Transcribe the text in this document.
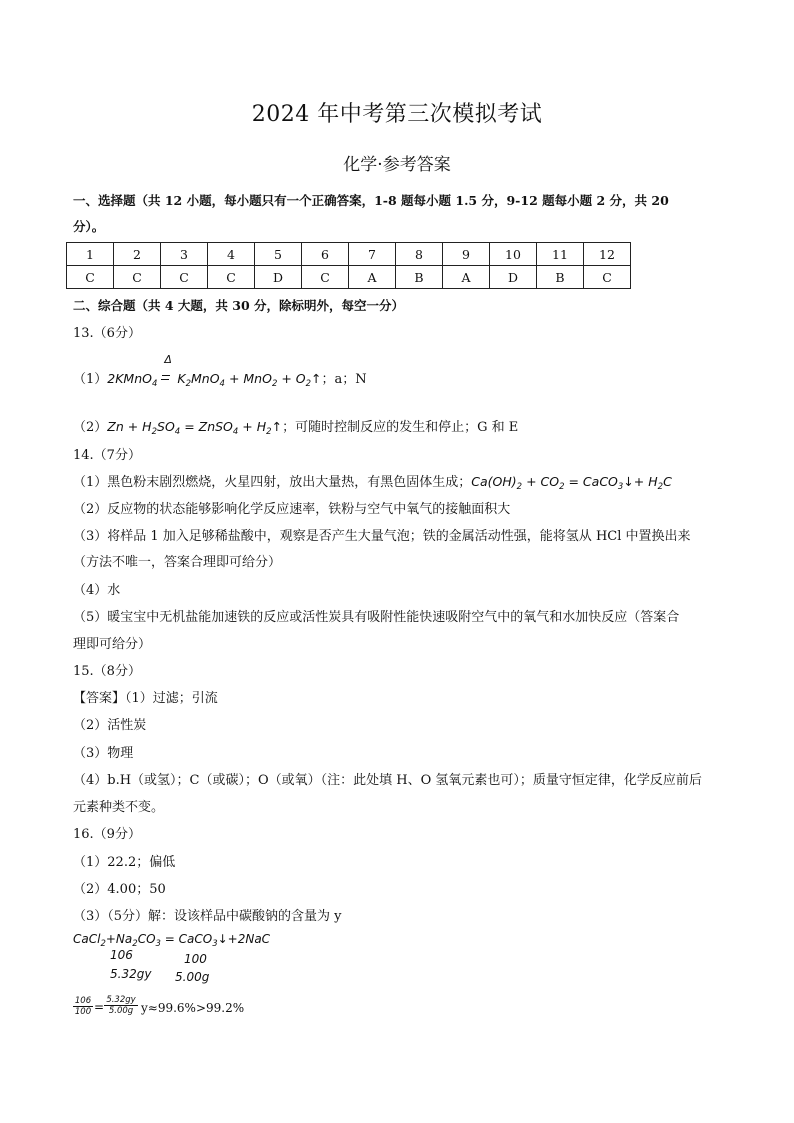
2024 年中考第三次模拟考试
化学·参考答案
一、选择题（共 12 小题，每小题只有一个正确答案，1-8 题每小题 1.5 分，9-12 题每小题 2 分，共 20
分）。
1	2	3	4	5	6	7	8	9	10	11	12
C	C	C	C	D	C	A	B	A	D	B	C
二、综合题（共 4 大题，共 30 分，除标明外，每空一分）
13.（6分）
（1）2KMnO$_4$
Δ
$K_2MnO_4 + MnO_2$ + $O_2↑$；a；N
$(2)Zn + H_2SO_4$ = ZnSO$_4$ + $H_2↑$；可随时控制反应的发生和停止；G 和 E
14.（7分）
（1）黑色粉末剧烈燃烧，火星四射，放出大量热，有黑色固体生成；$Ca(OH)_2 + CO_2$ = CaCO$_3$↓+ $H_2C$
（2）反应物的状态能够影响化学反应速率，铁粉与空气中氧气的接触面积大
（3）将样品 1 加入足够稀盐酸中，观察是否产生大量气泡；铁的金属活动性强，能将氢从 HCl 中置换出来
（方法不唯一，答案合理即可给分）
（4）水
（5）暖宝宝中无机盐能加速铁的反应或活性炭具有吸附性能快速吸附空气中的氧气和水加快反应（答案合
理即可给分）
15.（8分）
【答案】（1）过滤；引流
（2）活性炭
（3）物理
（4）b.H（或氢）；C（或碳）；O（或氧）（注：此处填 H、O 氢氧元素也可）；质量守恒定律，化学反应前后
元素种类不变。
16.（9分）
（1）22.2；偏低
（2）4.00；50
（3）（5分）解：设该样品中碳酸钠的含量为 y
$CaCl_2+Na_2CO_3$ = CaCO$_3$↓+2NaC
106	100
5.32gy 5.00g
106
100 = 5.32gy
5.00g y≈99.6%>99.2%
